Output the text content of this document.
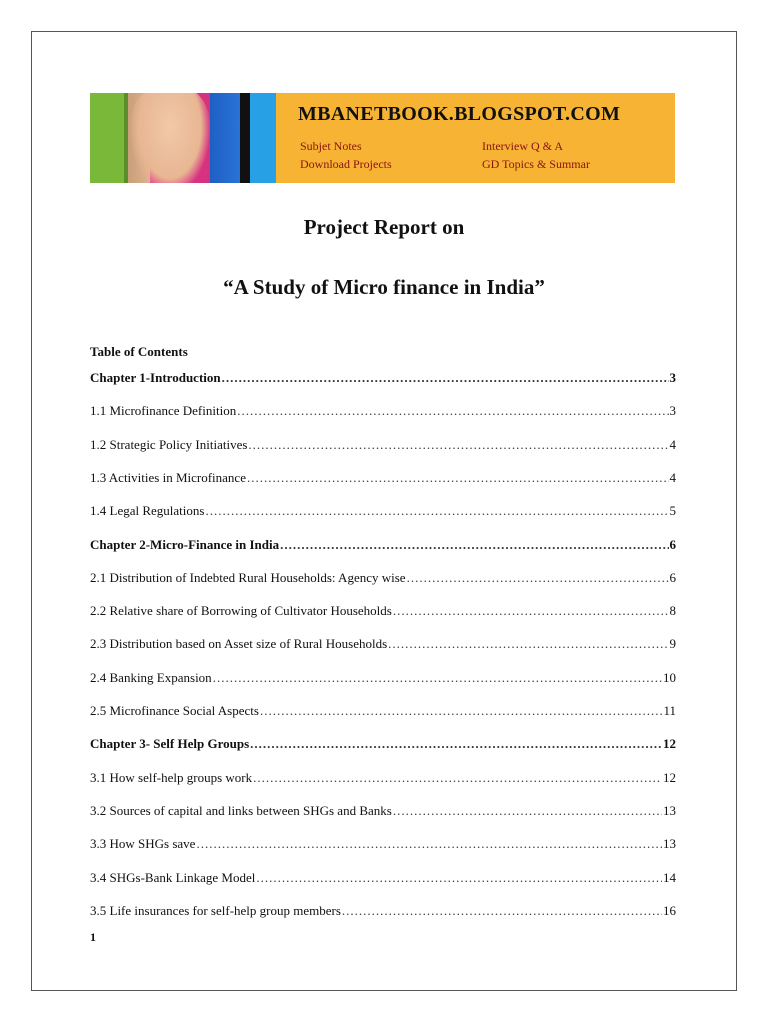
MBANETBOOK.BLOGSPOT.COM
Subjet Notes	Interview Q & A
Download Projects	GD Topics & Summar
Project Report on
“A Study of Micro finance in India”
Table of Contents
Chapter 1-Introduction .....	3
1.1 Microfinance Definition .....	3
1.2 Strategic Policy Initiatives .....	4
1.3 Activities in Microfinance .....	4
1.4 Legal Regulations .....	5
Chapter 2-Micro-Finance in India .....	6
2.1 Distribution of Indebted Rural Households: Agency wise .....	6
2.2 Relative share of Borrowing of Cultivator Households .....	8
2.3 Distribution based on Asset size of Rural Households .....	9
2.4 Banking Expansion .....	10
2.5 Microfinance Social Aspects .....	11
Chapter 3- Self Help Groups .....	12
3.1 How self-help groups work .....	12
3.2 Sources of capital and links between SHGs and Banks .....	13
3.3 How SHGs save .....	13
3.4 SHGs-Bank Linkage Model .....	14
3.5 Life insurances for self-help group members .....	16
1
